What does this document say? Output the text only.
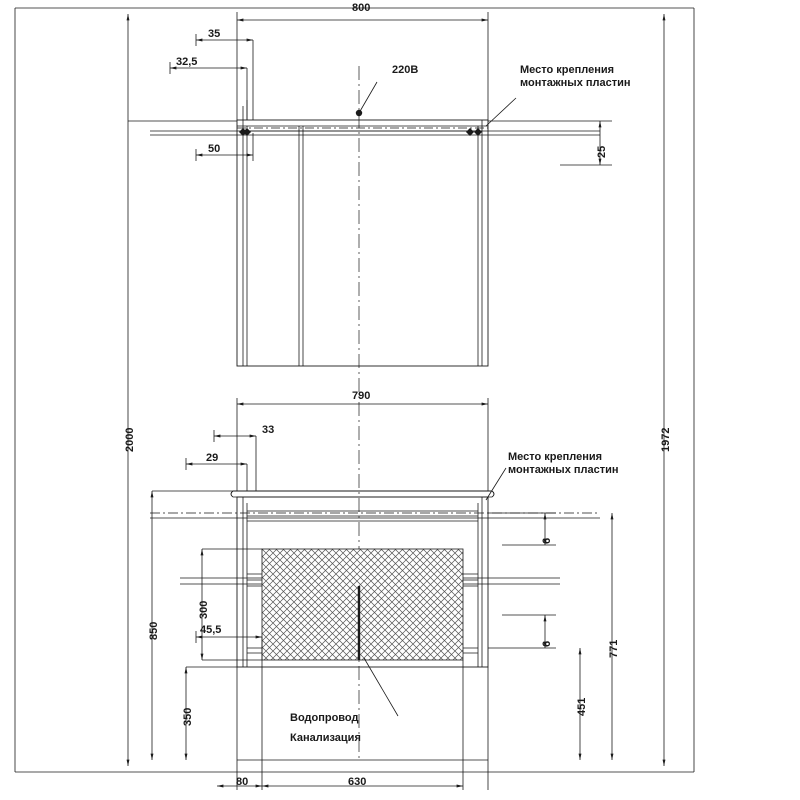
800
35
32,5
50
220В	Место крепления
монтажных пластин
25
2000	1972
790
33
29	Место крепления
монтажных пластин
6
6	771
451
850
300
350
45,5
Водопровод
Канализация
80	630
